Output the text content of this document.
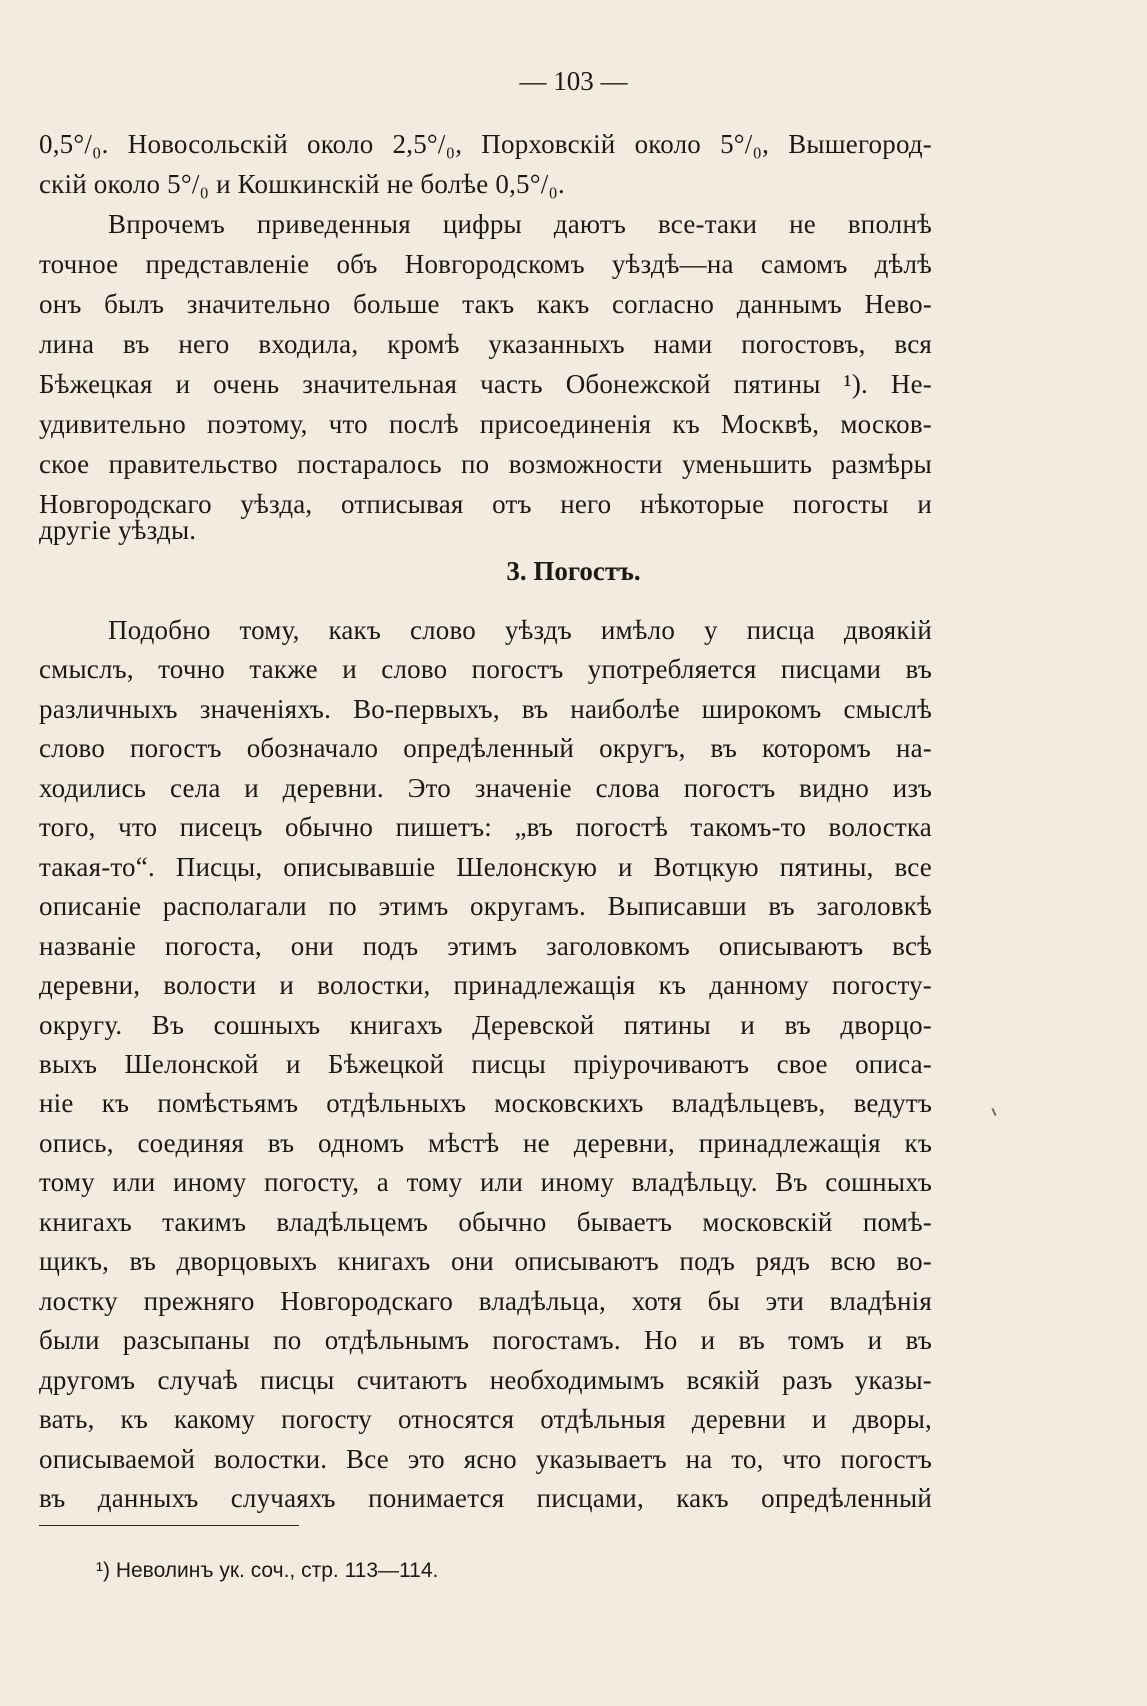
— 103 —
0,5°/₀. Новосольскій около 2,5°/₀, Порховскій около 5°/₀, Вышегород-
скій около 5°/₀ и Кошкинскій не болѣе 0,5°/₀.
Впрочемъ приведенныя цифры даютъ все-таки не вполнѣ
точное представленіе объ Новгородскомъ уѣздѣ—на самомъ дѣлѣ
онъ былъ значительно больше такъ какъ согласно даннымъ Нево-
лина въ него входила, кромѣ указанныхъ нами погостовъ, вся
Бѣжецкая и очень значительная часть Обонежской пятины ¹). Не-
удивительно поэтому, что послѣ присоединенія къ Москвѣ, москов-
ское правительство постаралось по возможности уменьшить размѣры
Новгородскаго уѣзда, отписывая отъ него нѣкоторые погосты и
другіе уѣзды.
3. Погостъ.
Подобно тому, какъ слово уѣздъ имѣло у писца двоякій
смыслъ, точно также и слово погостъ употребляется писцами въ
различныхъ значеніяхъ. Во-первыхъ, въ наиболѣе широкомъ смыслѣ
слово погостъ обозначало опредѣленный округъ, въ которомъ на-
ходились села и деревни. Это значеніе слова погостъ видно изъ
того, что писецъ обычно пишетъ: „въ погостѣ такомъ-то волостка
такая-то“. Писцы, описывавшіе Шелонскую и Вотцкую пятины, все
описаніе располагали по этимъ округамъ. Выписавши въ заголовкѣ
названіе погоста, они подъ этимъ заголовкомъ описываютъ всѣ
деревни, волости и волостки, принадлежащія къ данному погосту-
округу. Въ сошныхъ книгахъ Деревской пятины и въ дворцо-
выхъ Шелонской и Бѣжецкой писцы пріурочиваютъ свое описа-
ніе къ помѣстьямъ отдѣльныхъ московскихъ владѣльцевъ, ведутъ
опись, соединяя въ одномъ мѣстѣ не деревни, принадлежащія къ
тому или иному погосту, а тому или иному владѣльцу. Въ сошныхъ
книгахъ такимъ владѣльцемъ обычно бываетъ московскій помѣ-
щикъ, въ дворцовыхъ книгахъ они описываютъ подъ рядъ всю во-
лостку прежняго Новгородскаго владѣльца, хотя бы эти владѣнія
были разсыпаны по отдѣльнымъ погостамъ. Но и въ томъ и въ
другомъ случаѣ писцы считаютъ необходимымъ всякій разъ указы-
вать, къ какому погосту относятся отдѣльныя деревни и дворы,
описываемой волостки. Все это ясно указываетъ на то, что погостъ
въ данныхъ случаяхъ понимается писцами, какъ опредѣленный
¹) Неволинъ ук. соч., стр. 113—114.
